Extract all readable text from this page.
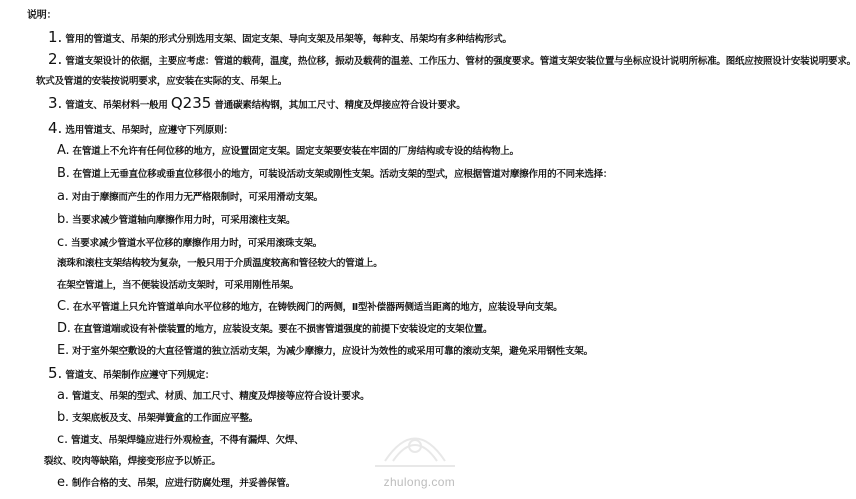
说明：
1. 管用的管道支、吊架的形式分别选用支架、固定支架、导向支架及吊架等，每种支、吊架均有多种结构形式。
2. 管道支架设计的依据，主要应考虑：管道的载荷，温度，热位移，振动及载荷的温差、工作压力、管材的强度要求。管道支架安装位置与坐标应设计说明所标准。图纸应按照设计安装说明要求。
软式及管道的安装按说明要求，应安装在实际的支、吊架上。
3. 管道支、吊架材料一般用 Q235 普通碳素结构钢，其加工尺寸、精度及焊接应符合设计要求。
4. 选用管道支、吊架时，应遵守下列原则：
A. 在管道上不允许有任何位移的地方，应设置固定支架。固定支架要安装在牢固的厂房结构或专设的结构物上。
B. 在管道上无垂直位移或垂直位移很小的地方，可装设活动支架或刚性支架。活动支架的型式，应根据管道对摩擦作用的不同来选择：
a. 对由于摩擦而产生的作用力无严格限制时，可采用滑动支架。
b. 当要求减少管道轴向摩擦作用力时，可采用滚柱支架。
c. 当要求减少管道水平位移的摩擦作用力时，可采用滚珠支架。
滚珠和滚柱支架结构较为复杂，一般只用于介质温度较高和管径较大的管道上。
在架空管道上，当不便装设活动支架时，可采用刚性吊架。
C. 在水平管道上只允许管道单向水平位移的地方，在铸铁阀门的两侧，Ⅱ型补偿器两侧适当距离的地方，应装设导向支架。
D. 在直管道端或设有补偿装置的地方，应装设支架。要在不损害管道强度的前提下安装设定的支架位置。
E. 对于室外架空敷设的大直径管道的独立活动支架，为减少摩擦力，应设计为效性的或采用可靠的滚动支架，避免采用钢性支架。
5. 管道支、吊架制作应遵守下列规定：
a. 管道支、吊架的型式、材质、加工尺寸、精度及焊接等应符合设计要求。
b. 支架底板及支、吊架弹簧盒的工作面应平整。
c. 管道支、吊架焊缝应进行外观检查，不得有漏焊、欠焊、
裂纹、咬肉等缺陷，焊接变形应予以矫正。
e. 制作合格的支、吊架，应进行防腐处理，并妥善保管。	zhulong.com
